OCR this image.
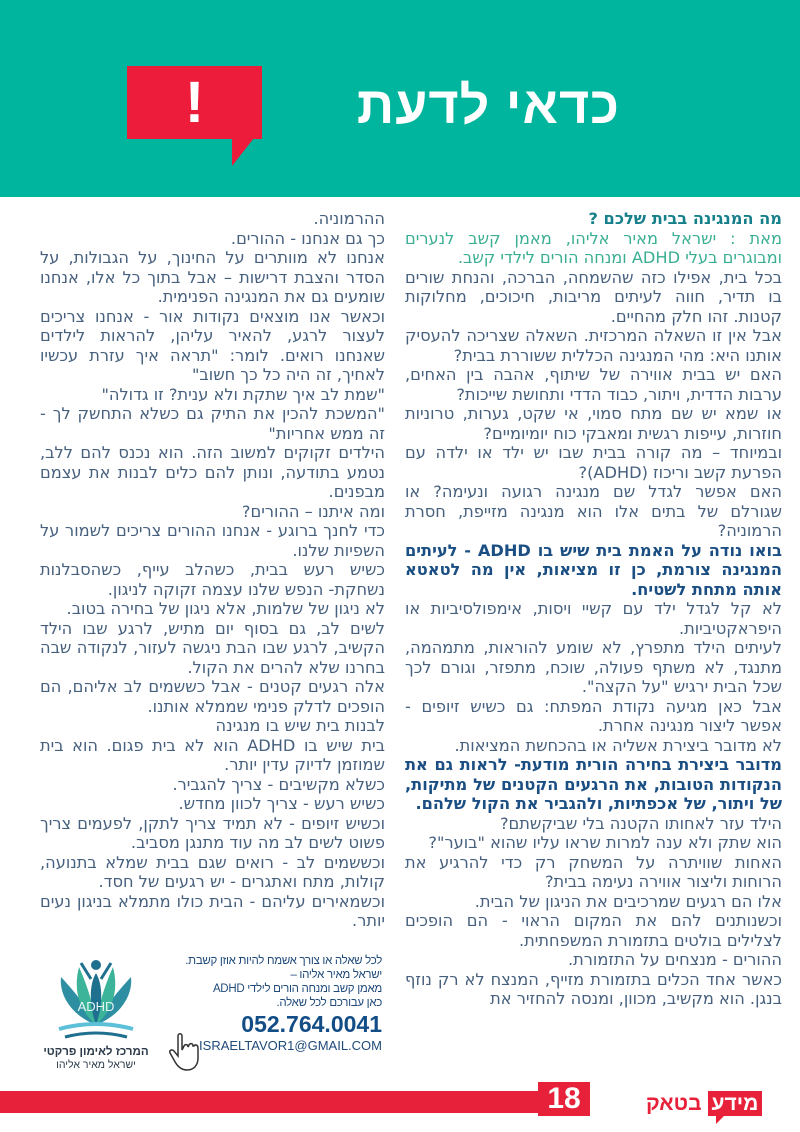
!	כדאי לדעת

מה המנגינה בבית שלכם ?

מאת : ישראל מאיר אליהו, מאמן קשב לנערים ומבוגרים בעלי ADHD ומנחה הורים לילדי קשב.

בכל בית, אפילו כזה שהשמחה, הברכה, והנחת שורים בו תדיר, חווה לעיתים מריבות, חיכוכים, מחלוקות קטנות. זהו חלק מהחיים.

אבל אין זו השאלה המרכזית. השאלה שצריכה להעסיק אותנו היא: מהי המנגינה הכללית ששוררת בבית?

האם יש בבית אווירה של שיתוף, אהבה בין האחים, ערבות הדדית, ויתור, כבוד הדדי ותחושת שייכות?

או שמא יש שם מתח סמוי, אי שקט, גערות, טרוניות חוזרות, עייפות רגשית ומאבקי כוח יומיומיים?

ובמיוחד – מה קורה בבית שבו יש ילד או ילדה עם הפרעת קשב וריכוז (ADHD)?

האם אפשר לגדל שם מנגינה רגועה ונעימה? או שגורלם של בתים אלו הוא מנגינה מזייפת, חסרת הרמוניה?

בואו נודה על האמת בית שיש בו ADHD - לעיתים המנגינה צורמת, כן זו מציאות, אין מה לטאטא אותה מתחת לשטיח.

לא קל לגדל ילד עם קשיי ויסות, אימפולסיביות או היפראקטיביות.

לעיתים הילד מתפרץ, לא שומע להוראות, מתמהמה, מתנגד, לא משתף פעולה, שוכח, מתפזר, וגורם לכך שכל הבית ירגיש "על הקצה".

אבל כאן מגיעה נקודת המפתח: גם כשיש זיופים - אפשר ליצור מנגינה אחרת.

לא מדובר ביצירת אשליה או בהכחשת המציאות.

מדובר ביצירת בחירה הורית מודעת- לראות גם את הנקודות הטובות, את הרגעים הקטנים של מתיקות, של ויתור, של אכפתיות, ולהגביר את הקול שלהם.

הילד עזר לאחותו הקטנה בלי שביקשתם?

הוא שתק ולא ענה למרות שראו עליו שהוא "בוער"?

האחות שוויתרה על המשחק רק כדי להרגיע את הרוחות וליצור אווירה נעימה בבית?

אלו הם רגעים שמרכיבים את הניגון של הבית.

וכשנותנים להם את המקום הראוי - הם הופכים לצלילים בולטים בתזמורת המשפחתית.

ההורים - מנצחים על התזמורת.

כאשר אחד הכלים בתזמורת מזייף, המנצח לא רק נוזף בנגן. הוא מקשיב, מכוון, ומנסה להחזיר את

ההרמוניה.

כך גם אנחנו - ההורים.

אנחנו לא מוותרים על החינוך, על הגבולות, על הסדר והצבת דרישות – אבל בתוך כל אלו, אנחנו שומעים גם את המנגינה הפנימית.

וכאשר אנו מוצאים נקודות אור - אנחנו צריכים לעצור לרגע, להאיר עליהן, להראות לילדים שאנחנו רואים. לומר: "תראה איך עזרת עכשיו לאחיך, זה היה כל כך חשוב"

"שמת לב איך שתקת ולא ענית? זו גדולה"

"המשכת להכין את התיק גם כשלא התחשק לך - זה ממש אחריות"

הילדים זקוקים למשוב הזה. הוא נכנס להם ללב, נטמע בתודעה, ונותן להם כלים לבנות את עצמם מבפנים.

ומה איתנו – ההורים?

כדי לחנך ברוגע - אנחנו ההורים צריכים לשמור על השפיות שלנו.

כשיש רעש בבית, כשהלב עייף, כשהסבלנות נשחקת- הנפש שלנו עצמה זקוקה לניגון.

לא ניגון של שלמות, אלא ניגון של בחירה בטוב.

לשים לב, גם בסוף יום מתיש, לרגע שבו הילד הקשיב, לרגע שבו הבת ניגשה לעזור, לנקודה שבה בחרנו שלא להרים את הקול.

אלה רגעים קטנים - אבל כששמים לב אליהם, הם הופכים לדלק פנימי שממלא אותנו.

לבנות בית שיש בו מנגינה

בית שיש בו ADHD הוא לא בית פגום. הוא בית שמוזמן לדיוק עדין יותר.

כשלא מקשיבים - צריך להגביר.

כשיש רעש - צריך לכוון מחדש.

וכשיש זיופים - לא תמיד צריך לתקן, לפעמים צריך פשוט לשים לב מה עוד מתנגן מסביב.

וכששמים לב - רואים שגם בבית שמלא בתנועה, קולות, מתח ואתגרים - יש רגעים של חסד.

וכשמאירים עליהם - הבית כולו מתמלא בניגון נעים יותר.

ADHD
המרכז לאימון פרקטי
ישראל מאיר אליהו
לכל שאלה או צורך אשמח להיות אוזן קשבת.
ישראל מאיר אליהו –
מאמן קשב ומנחה הורים לילדי ADHD
כאן עבורכם לכל שאלה.
052.764.0041
ISRAELTAVOR1@GMAIL.COM
18	מידע
בטאק
